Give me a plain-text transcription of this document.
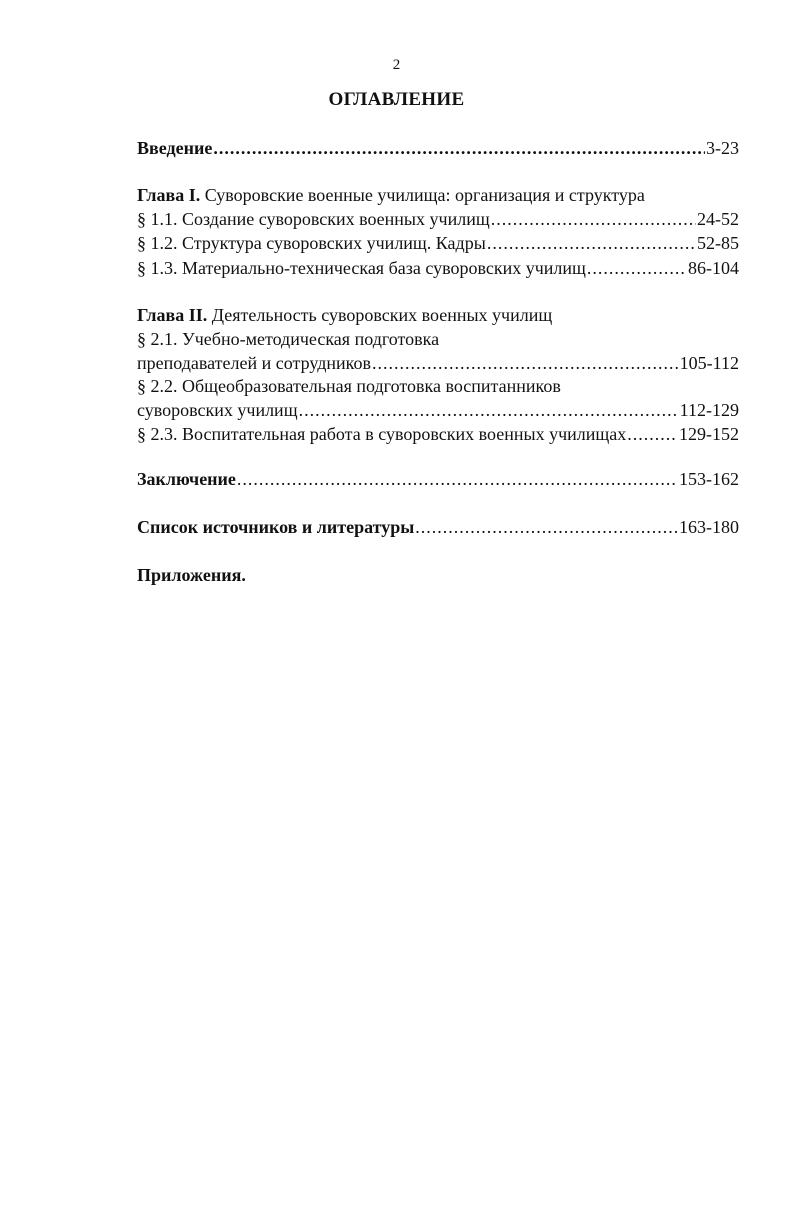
2
ОГЛАВЛЕНИЕ
Введение .....	3-23
Глава I. Суворовские военные училища: организация и структура
§ 1.1. Создание суворовских военных училищ .....	24-52
§ 1.2. Структура суворовских училищ. Кадры .....	52-85
§ 1.3. Материально-техническая база суворовских училищ .....	86-104
Глава II. Деятельность суворовских военных училищ
§ 2.1. Учебно-методическая подготовка
преподавателей и сотрудников .....	105-112
§ 2.2. Общеобразовательная подготовка воспитанников
суворовских училищ .....	112-129
§ 2.3. Воспитательная работа в суворовских военных училищах .....	129-152
Заключение .....	153-162
Список источников и литературы .....	163-180
Приложения.
